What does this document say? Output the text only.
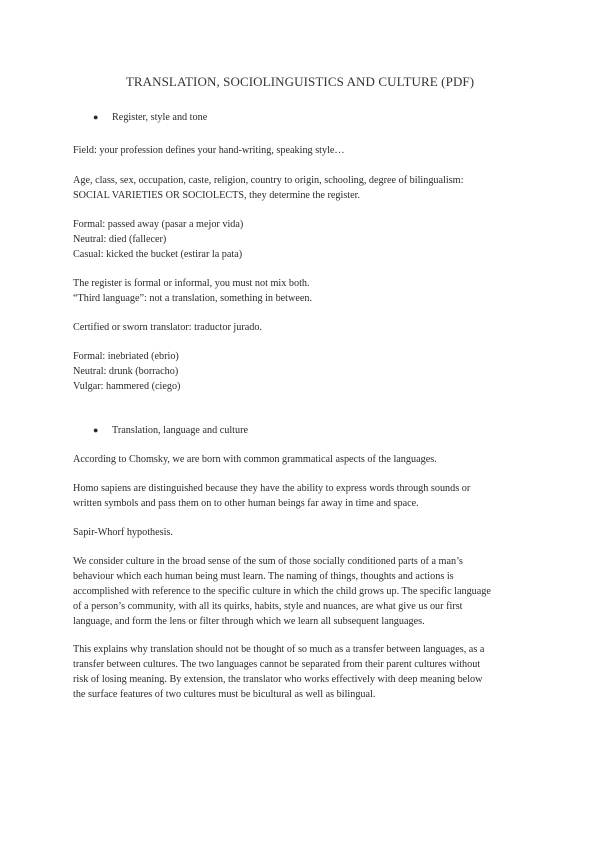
TRANSLATION, SOCIOLINGUISTICS AND CULTURE (PDF)
● Register, style and tone

Field: your profession defines your hand-writing, speaking style…

Age, class, sex, occupation, caste, religion, country to origin, schooling, degree of bilingualism:

SOCIAL VARIETIES OR SOCIOLECTS, they determine the register.

Formal: passed away (pasar a mejor vida)

Neutral: died (fallecer)

Casual: kicked the bucket (estirar la pata)

The register is formal or informal, you must not mix both.

“Third language”: not a translation, something in between.

Certified or sworn translator: traductor jurado.

Formal: inebriated (ebrio)

Neutral: drunk (borracho)

Vulgar: hammered (ciego)

● Translation, language and culture

According to Chomsky, we are born with common grammatical aspects of the languages.

Homo sapiens are distinguished because they have the ability to express words through sounds or

written symbols and pass them on to other human beings far away in time and space.

Sapir-Whorf hypothesis.

We consider culture in the broad sense of the sum of those socially conditioned parts of a man’s

behaviour which each human being must learn. The naming of things, thoughts and actions is

accomplished with reference to the specific culture in which the child grows up. The specific language

of a person’s community, with all its quirks, habits, style and nuances, are what give us our first

language, and form the lens or filter through which we learn all subsequent languages.

This explains why translation should not be thought of so much as a transfer between languages, as a

transfer between cultures. The two languages cannot be separated from their parent cultures without

risk of losing meaning. By extension, the translator who works effectively with deep meaning below

the surface features of two cultures must be bicultural as well as bilingual.
